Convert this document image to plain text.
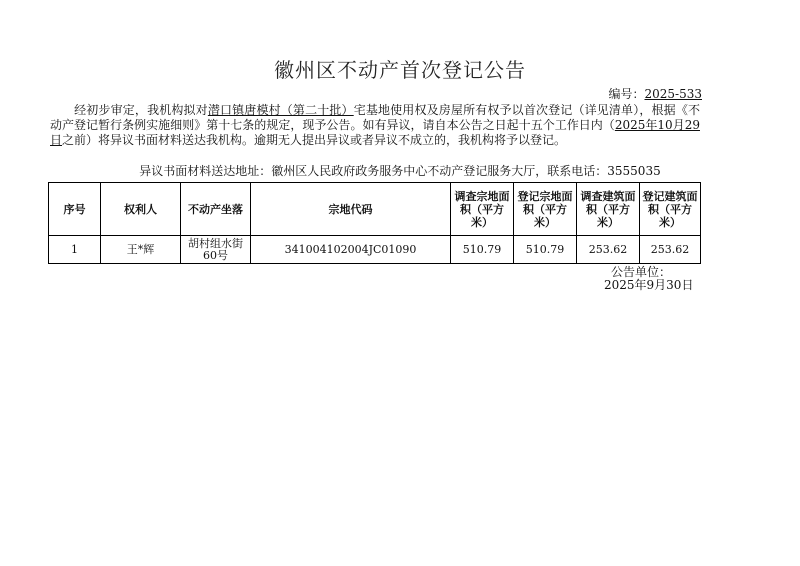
徽州区不动产首次登记公告
编号：2025-533
经初步审定，我机构拟对潜口镇唐模村（第二十批）宅基地使用权及房屋所有权予以首次登记（详见清单），根据《不动产登记暂行条例实施细则》第十七条的规定，现予公告。如有异议，请自本公告之日起十五个工作日内（2025年10月29日之前）将异议书面材料送达我机构。逾期无人提出异议或者异议不成立的，我机构将予以登记。
异议书面材料送达地址：徽州区人民政府政务服务中心不动产登记服务大厅，联系电话：3555035
序号	权利人	不动产坐落	宗地代码	调查宗地面积（平方米）	登记宗地面积（平方米）	调查建筑面积（平方米）	登记建筑面积（平方米）
1	王*辉	胡村组水街60号	341004102004JC01090	510.79	510.79	253.62	253.62
公告单位：
2025年9月30日
